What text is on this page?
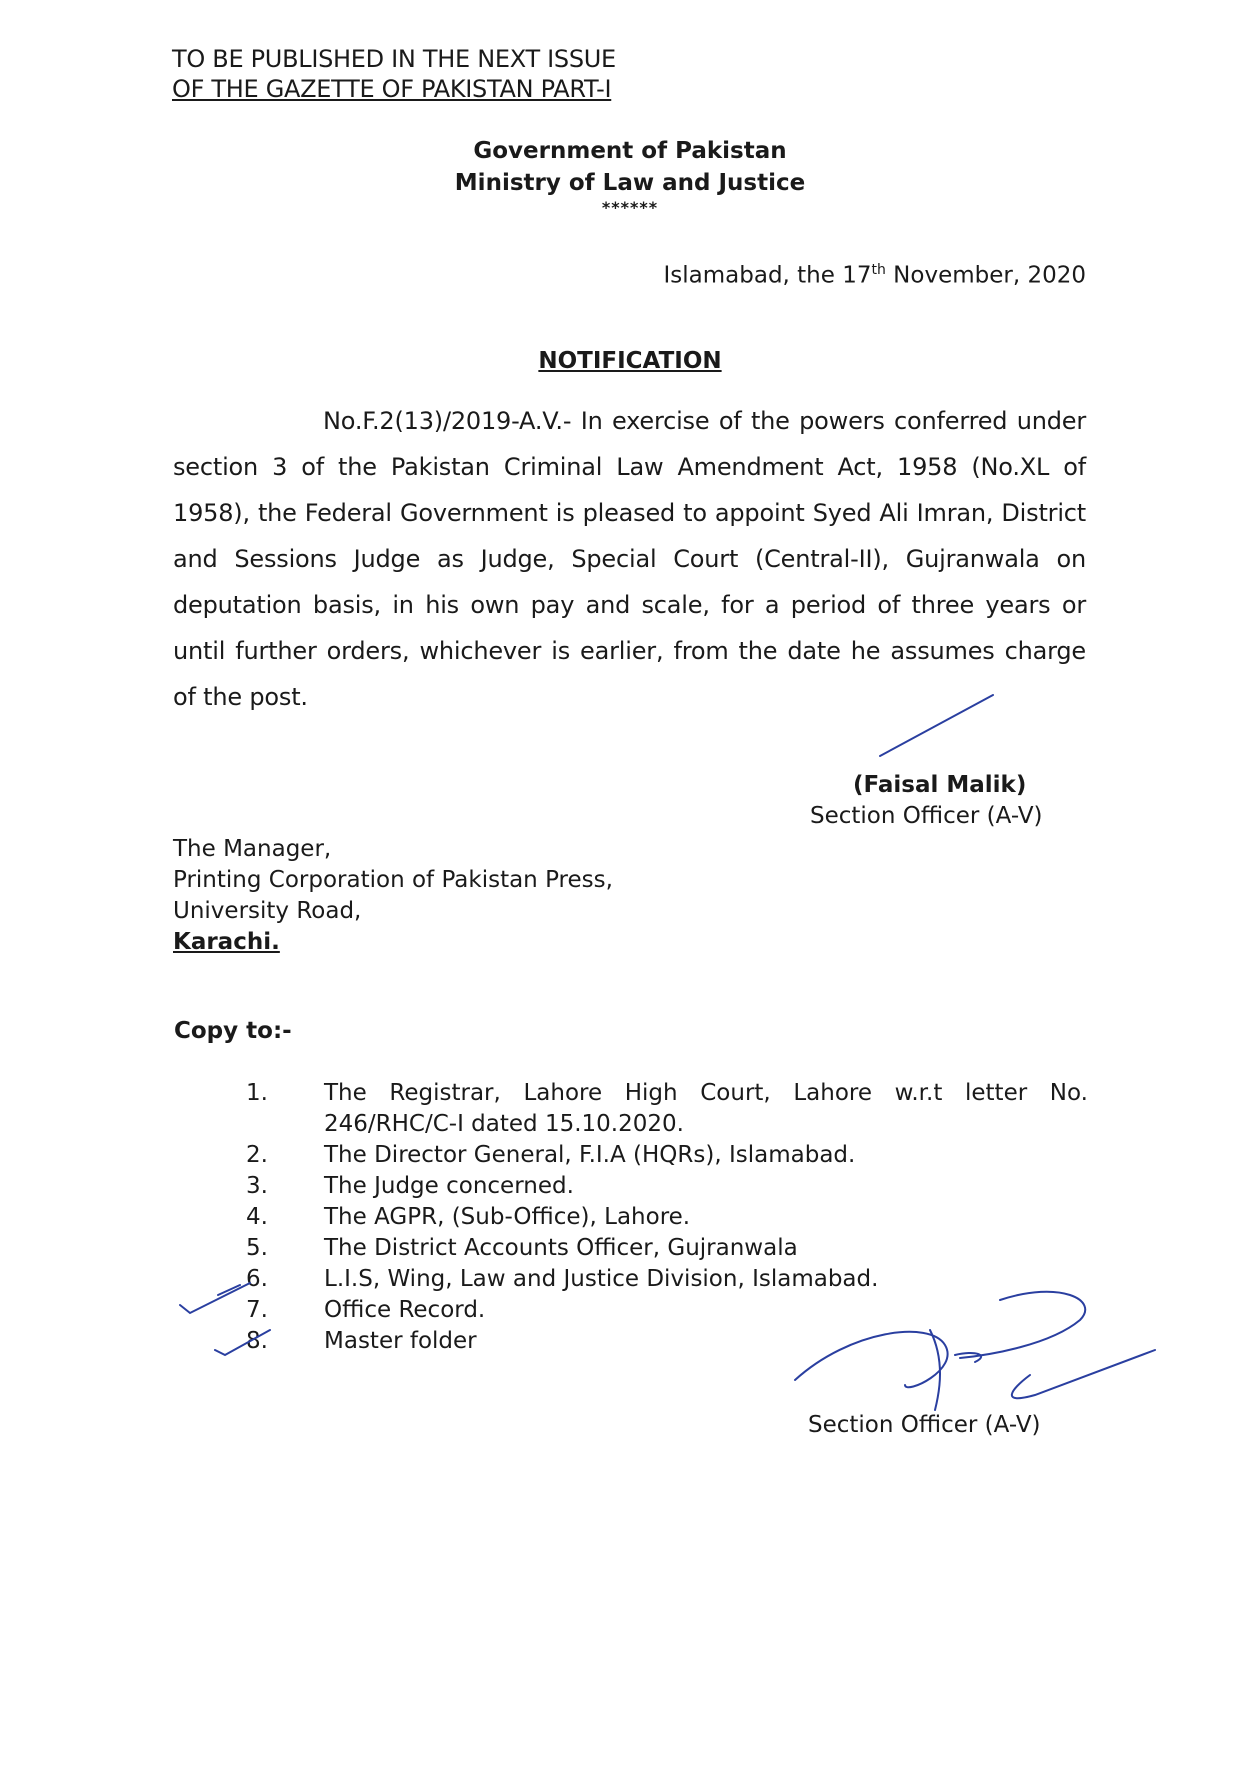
TO BE PUBLISHED IN THE NEXT ISSUE
OF THE GAZETTE OF PAKISTAN PART-I
Government of Pakistan
Ministry of Law and Justice
******
Islamabad, the 17th November, 2020
NOTIFICATION
No.F.2(13)/2019-A.V.- In exercise of the powers conferred under section 3 of the Pakistan Criminal Law Amendment Act, 1958 (No.XL of 1958), the Federal Government is pleased to appoint Syed Ali Imran, District and Sessions Judge as Judge, Special Court (Central-II), Gujranwala on deputation basis, in his own pay and scale, for a period of three years or until further orders, whichever is earlier, from the date he assumes charge of the post.
(Faisal Malik)
Section Officer (A-V)
The Manager,
Printing Corporation of Pakistan Press,
University Road,
Karachi.
Copy to:-
1.	The Registrar, Lahore High Court, Lahore w.r.t letter No.
246/RHC/C-I dated 15.10.2020.
2.	The Director General, F.I.A (HQRs), Islamabad.
3.	The Judge concerned.
4.	The AGPR, (Sub-Office), Lahore.
5.	The District Accounts Officer, Gujranwala
6.	L.I.S, Wing, Law and Justice Division, Islamabad.
7.	Office Record.
8.	Master folder
Section Officer (A-V)
